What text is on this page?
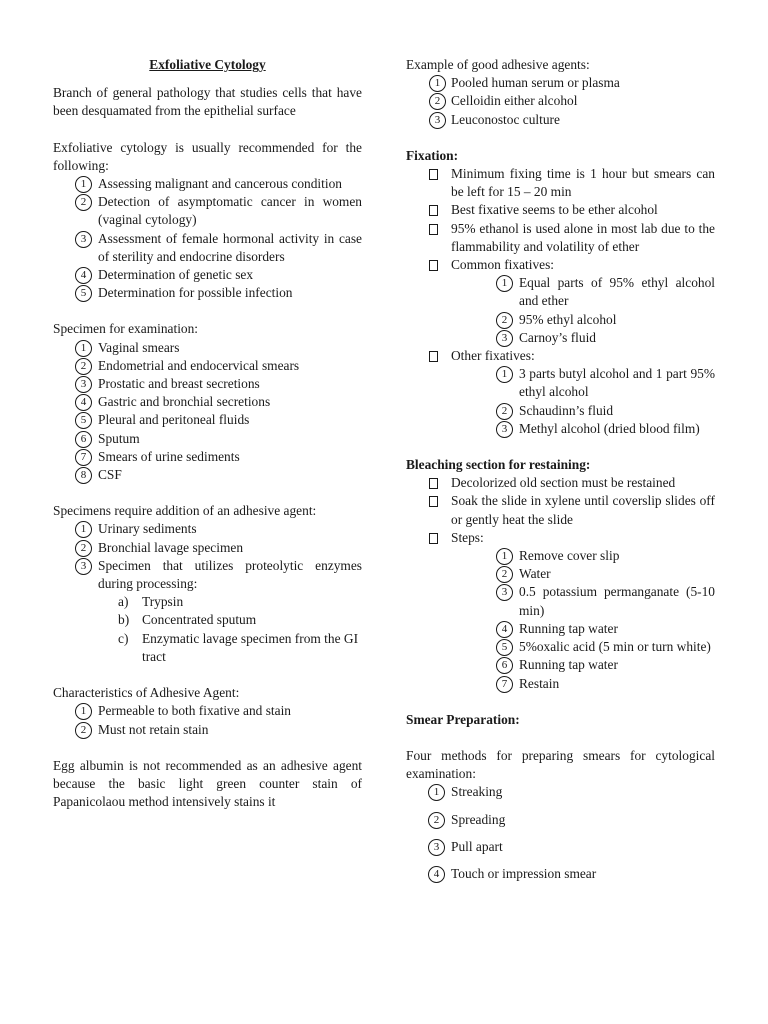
Exfoliative Cytology

Branch of general pathology that studies cells that have been desquamated from the epithelial surface

Exfoliative cytology is usually recommended for the following:

1 Assessing malignant and cancerous condition
2 Detection of asymptomatic cancer in women (vaginal cytology)
3 Assessment of female hormonal activity in case of sterility and endocrine disorders
4 Determination of genetic sex
5 Determination for possible infection

Specimen for examination:

1 Vaginal smears
2 Endometrial and endocervical smears
3 Prostatic and breast secretions
4 Gastric and bronchial secretions
5 Pleural and peritoneal fluids
6 Sputum
7 Smears of urine sediments
8 CSF

Specimens require addition of an adhesive agent:

1 Urinary sediments
2 Bronchial lavage specimen
3 Specimen that utilizes proteolytic enzymes during processing:
a) Trypsin
b) Concentrated sputum
c) Enzymatic lavage specimen from the GI tract

Characteristics of Adhesive Agent:

1 Permeable to both fixative and stain
2 Must not retain stain

Egg albumin is not recommended as an adhesive agent because the basic light green counter stain of Papanicolaou method intensively stains it

Example of good adhesive agents:

1 Pooled human serum or plasma
2 Celloidin either alcohol
3 Leuconostoc culture

Fixation:

Minimum fixing time is 1 hour but smears can be left for 15 – 20 min
Best fixative seems to be ether alcohol
95% ethanol is used alone in most lab due to the flammability and volatility of ether
Common fixatives:
1 Equal parts of 95% ethyl alcohol and ether
2 95% ethyl alcohol
3 Carnoy’s fluid
Other fixatives:
1 3 parts butyl alcohol and 1 part 95% ethyl alcohol
2 Schaudinn’s fluid
3 Methyl alcohol (dried blood film)

Bleaching section for restaining:

Decolorized old section must be restained
Soak the slide in xylene until coverslip slides off or gently heat the slide
Steps:
1 Remove cover slip
2 Water
3 0.5 potassium permanganate (5-10 min)
4 Running tap water
5 5%oxalic acid (5 min or turn white)
6 Running tap water
7 Restain

Smear Preparation:

Four methods for preparing smears for cytological examination:

1 Streaking
2 Spreading
3 Pull apart
4 Touch or impression smear
